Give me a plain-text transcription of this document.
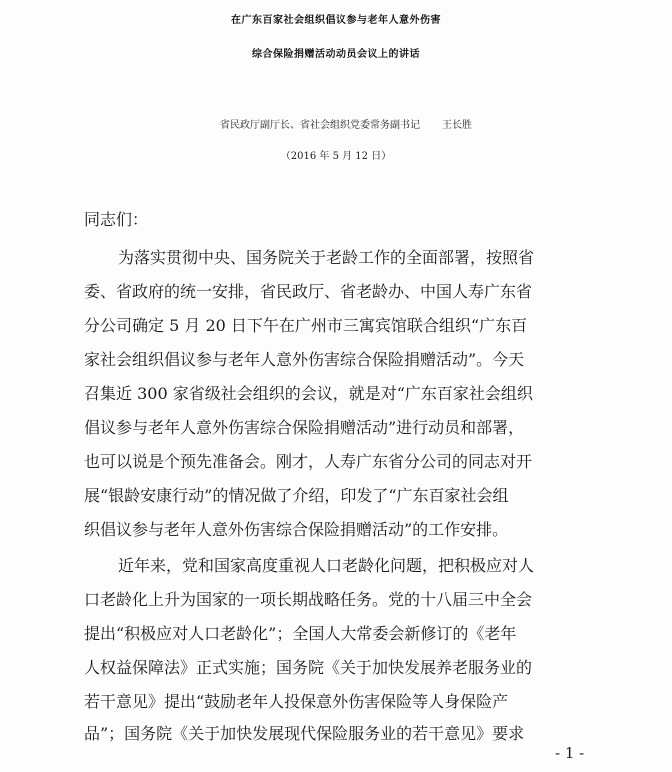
在广东百家社会组织倡议参与老年人意外伤害
综合保险捐赠活动动员会议上的讲话
省民政厅副厅长、省社会组织党委常务副书记 王长胜
（2016 年 5 月 12 日）
同志们：
为落实贯彻中央、国务院关于老龄工作的全面部署，按照省
委、省政府的统一安排，省民政厅、省老龄办、中国人寿广东省
分公司确定 5 月 20 日下午在广州市三寓宾馆联合组织“广东百
家社会组织倡议参与老年人意外伤害综合保险捐赠活动”。今天
召集近 300 家省级社会组织的会议，就是对“广东百家社会组织
倡议参与老年人意外伤害综合保险捐赠活动”进行动员和部署，
也可以说是个预先准备会。刚才，人寿广东省分公司的同志对开
展“银龄安康行动”的情况做了介绍，印发了“广东百家社会组
织倡议参与老年人意外伤害综合保险捐赠活动”的工作安排。
近年来，党和国家高度重视人口老龄化问题，把积极应对人
口老龄化上升为国家的一项长期战略任务。党的十八届三中全会
提出“积极应对人口老龄化”；全国人大常委会新修订的《老年
人权益保障法》正式实施；国务院《关于加快发展养老服务业的
若干意见》提出“鼓励老年人投保意外伤害保险等人身保险产
品”；国务院《关于加快发展现代保险服务业的若干意见》要求
- 1 -
